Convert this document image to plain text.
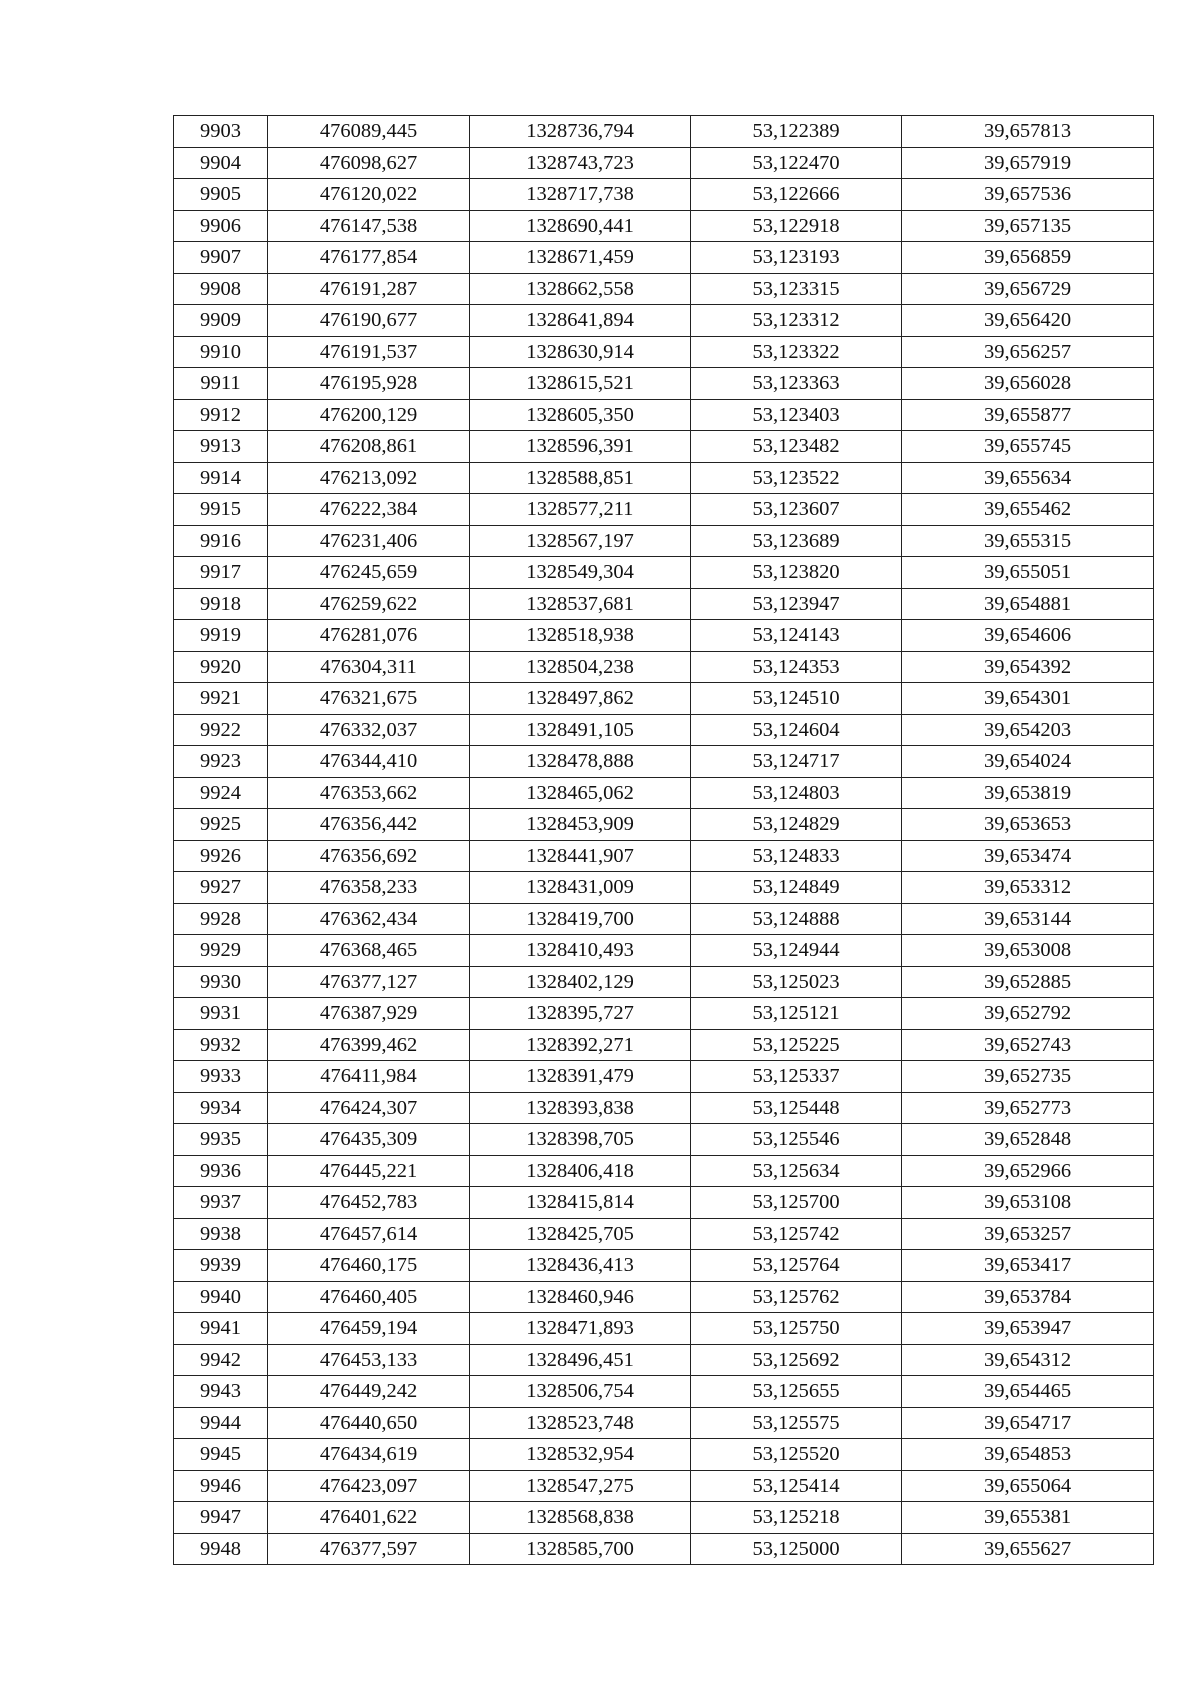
9903	476089,445	1328736,794	53,122389	39,657813
9904	476098,627	1328743,723	53,122470	39,657919
9905	476120,022	1328717,738	53,122666	39,657536
9906	476147,538	1328690,441	53,122918	39,657135
9907	476177,854	1328671,459	53,123193	39,656859
9908	476191,287	1328662,558	53,123315	39,656729
9909	476190,677	1328641,894	53,123312	39,656420
9910	476191,537	1328630,914	53,123322	39,656257
9911	476195,928	1328615,521	53,123363	39,656028
9912	476200,129	1328605,350	53,123403	39,655877
9913	476208,861	1328596,391	53,123482	39,655745
9914	476213,092	1328588,851	53,123522	39,655634
9915	476222,384	1328577,211	53,123607	39,655462
9916	476231,406	1328567,197	53,123689	39,655315
9917	476245,659	1328549,304	53,123820	39,655051
9918	476259,622	1328537,681	53,123947	39,654881
9919	476281,076	1328518,938	53,124143	39,654606
9920	476304,311	1328504,238	53,124353	39,654392
9921	476321,675	1328497,862	53,124510	39,654301
9922	476332,037	1328491,105	53,124604	39,654203
9923	476344,410	1328478,888	53,124717	39,654024
9924	476353,662	1328465,062	53,124803	39,653819
9925	476356,442	1328453,909	53,124829	39,653653
9926	476356,692	1328441,907	53,124833	39,653474
9927	476358,233	1328431,009	53,124849	39,653312
9928	476362,434	1328419,700	53,124888	39,653144
9929	476368,465	1328410,493	53,124944	39,653008
9930	476377,127	1328402,129	53,125023	39,652885
9931	476387,929	1328395,727	53,125121	39,652792
9932	476399,462	1328392,271	53,125225	39,652743
9933	476411,984	1328391,479	53,125337	39,652735
9934	476424,307	1328393,838	53,125448	39,652773
9935	476435,309	1328398,705	53,125546	39,652848
9936	476445,221	1328406,418	53,125634	39,652966
9937	476452,783	1328415,814	53,125700	39,653108
9938	476457,614	1328425,705	53,125742	39,653257
9939	476460,175	1328436,413	53,125764	39,653417
9940	476460,405	1328460,946	53,125762	39,653784
9941	476459,194	1328471,893	53,125750	39,653947
9942	476453,133	1328496,451	53,125692	39,654312
9943	476449,242	1328506,754	53,125655	39,654465
9944	476440,650	1328523,748	53,125575	39,654717
9945	476434,619	1328532,954	53,125520	39,654853
9946	476423,097	1328547,275	53,125414	39,655064
9947	476401,622	1328568,838	53,125218	39,655381
9948	476377,597	1328585,700	53,125000	39,655627
